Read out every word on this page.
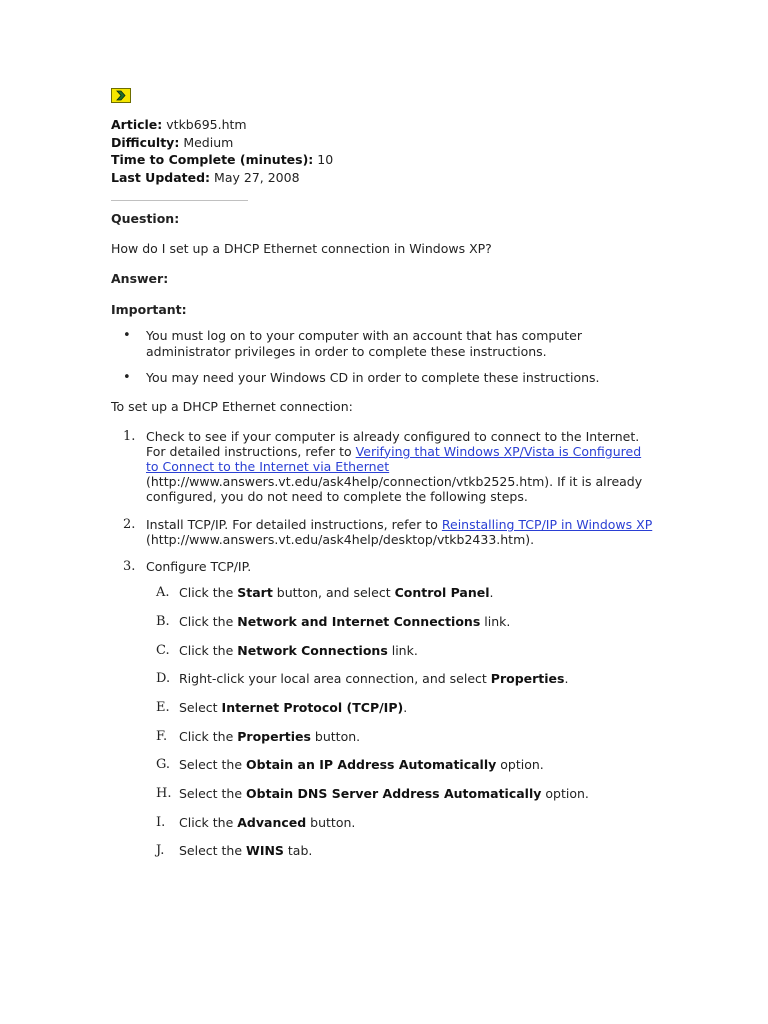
Article: vtkb695.htm
Difficulty: Medium
Time to Complete (minutes): 10
Last Updated: May 27, 2008
Question:
How do I set up a DHCP Ethernet connection in Windows XP?
Answer:
Important:
• You must log on to your computer with an account that has computer administrator privileges in order to complete these instructions.
• You may need your Windows CD in order to complete these instructions.
To set up a DHCP Ethernet connection:
1. Check to see if your computer is already configured to connect to the Internet. For detailed instructions, refer to Verifying that Windows XP/Vista is Configured to Connect to the Internet via Ethernet
(http://www.answers.vt.edu/ask4help/connection/vtkb2525.htm). If it is already configured, you do not need to complete the following steps.
2. Install TCP/IP. For detailed instructions, refer to Reinstalling TCP/IP in Windows XP (http://www.answers.vt.edu/ask4help/desktop/vtkb2433.htm).
3. Configure TCP/IP.
A. Click the Start button, and select Control Panel.
B. Click the Network and Internet Connections link.
C. Click the Network Connections link.
D. Right-click your local area connection, and select Properties.
E. Select Internet Protocol (TCP/IP).
F. Click the Properties button.
G. Select the Obtain an IP Address Automatically option.
H. Select the Obtain DNS Server Address Automatically option.
I. Click the Advanced button.
J. Select the WINS tab.
